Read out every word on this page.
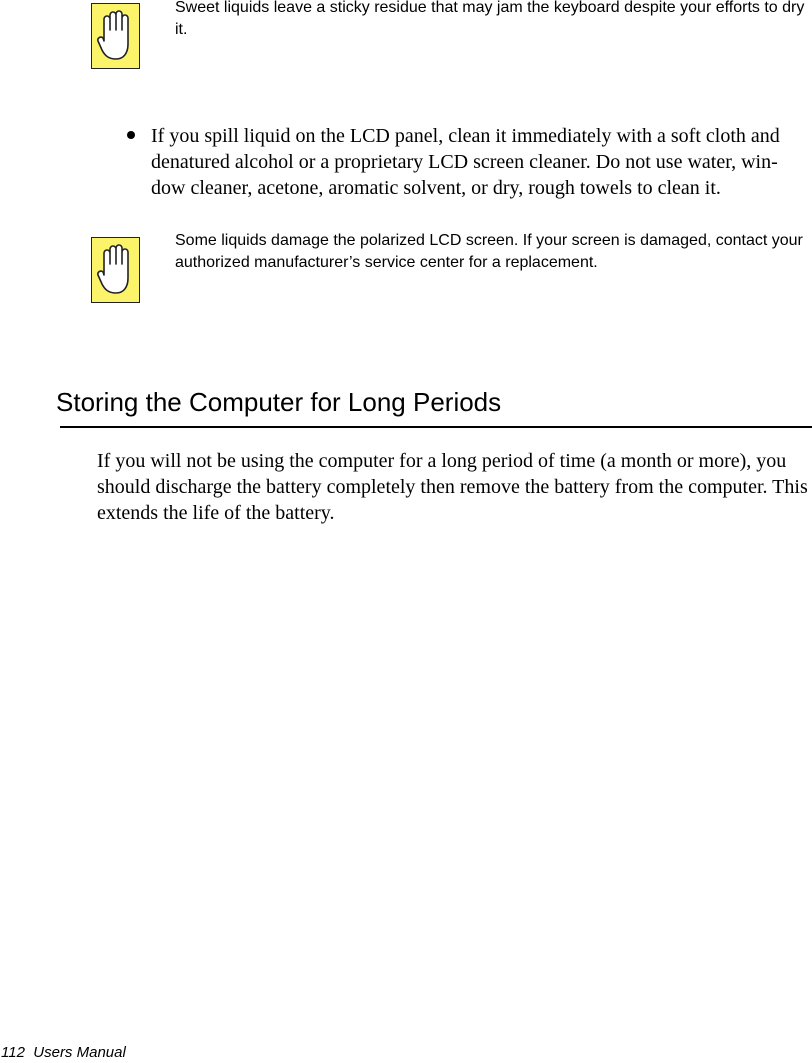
Sweet liquids leave a sticky residue that may jam the keyboard despite your efforts to dry it.
If you spill liquid on the LCD panel, clean it immediately with a soft cloth and denatured alcohol or a proprietary LCD screen cleaner. Do not use water, win-dow cleaner, acetone, aromatic solvent, or dry, rough towels to clean it.
Some liquids damage the polarized LCD screen. If your screen is damaged, contact your authorized manufacturer’s service center for a replacement.
Storing the Computer for Long Periods

If you will not be using the computer for a long period of time (a month or more), you should discharge the battery completely then remove the battery from the computer. This extends the life of the battery.

112 Users Manual
